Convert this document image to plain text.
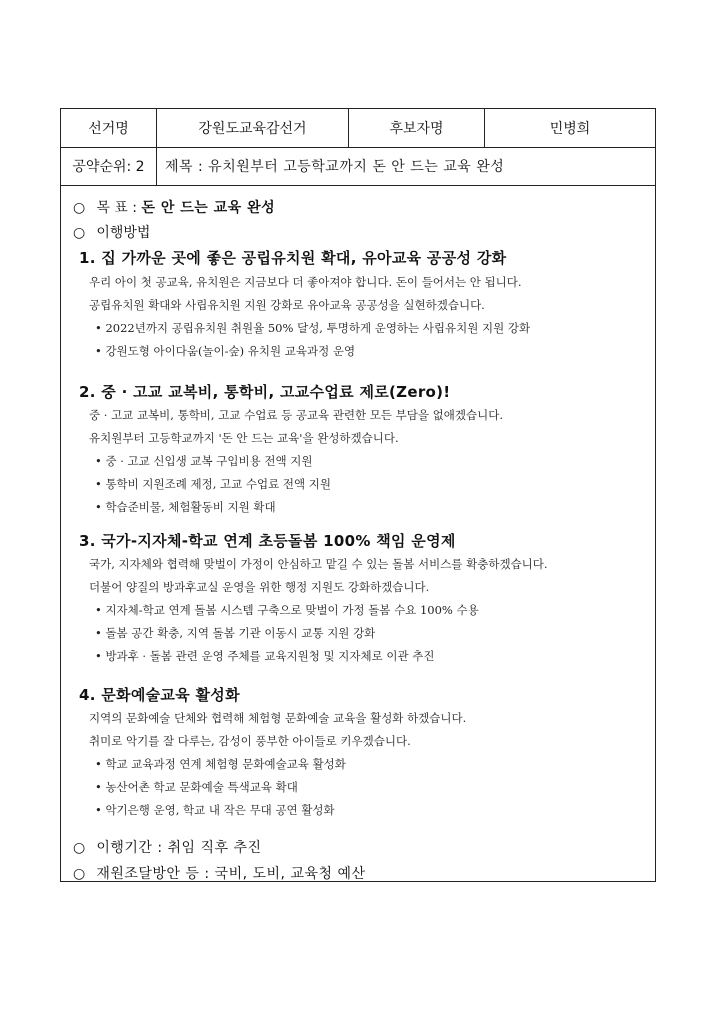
선거명	강원도교육감선거	후보자명	민병희
공약순위: 2	제목 : 유치원부터 고등학교까지 돈 안 드는 교육 완성
○ 목 표 : 돈 안 드는 교육 완성
○ 이행방법
1. 집 가까운 곳에 좋은 공립유치원 확대, 유아교육 공공성 강화
우리 아이 첫 공교육, 유치원은 지금보다 더 좋아져야 합니다. 돈이 들어서는 안 됩니다.
공립유치원 확대와 사립유치원 지원 강화로 유아교육 공공성을 실현하겠습니다.
• 2022년까지 공립유치원 취원율 50% 달성, 투명하게 운영하는 사립유치원 지원 강화
• 강원도형 아이다움(놀이-숲) 유치원 교육과정 운영
2. 중 · 고교 교복비, 통학비, 고교수업료 제로(Zero)!
중 · 고교 교복비, 통학비, 고교 수업료 등 공교육 관련한 모든 부담을 없애겠습니다.
유치원부터 고등학교까지 '돈 안 드는 교육'을 완성하겠습니다.
• 중 · 고교 신입생 교복 구입비용 전액 지원
• 통학비 지원조례 제정, 고교 수업료 전액 지원
• 학습준비물, 체험활동비 지원 확대
3. 국가-지자체-학교 연계 초등돌봄 100% 책임 운영제
국가, 지자체와 협력해 맞벌이 가정이 안심하고 맡길 수 있는 돌봄 서비스를 확충하겠습니다.
더불어 양질의 방과후교실 운영을 위한 행정 지원도 강화하겠습니다.
• 지자체-학교 연계 돌봄 시스템 구축으로 맞벌이 가정 돌봄 수요 100% 수용
• 돌봄 공간 확충, 지역 돌봄 기관 이동시 교통 지원 강화
• 방과후 · 돌봄 관련 운영 주체를 교육지원청 및 지자체로 이관 추진
4. 문화예술교육 활성화
지역의 문화예술 단체와 협력해 체험형 문화예술 교육을 활성화 하겠습니다.
취미로 악기를 잘 다루는, 감성이 풍부한 아이들로 키우겠습니다.
• 학교 교육과정 연계 체험형 문화예술교육 활성화
• 농산어촌 학교 문화예술 특색교육 확대
• 악기은행 운영, 학교 내 작은 무대 공연 활성화
○ 이행기간 : 취임 직후 추진
○ 재원조달방안 등 : 국비, 도비, 교육청 예산
